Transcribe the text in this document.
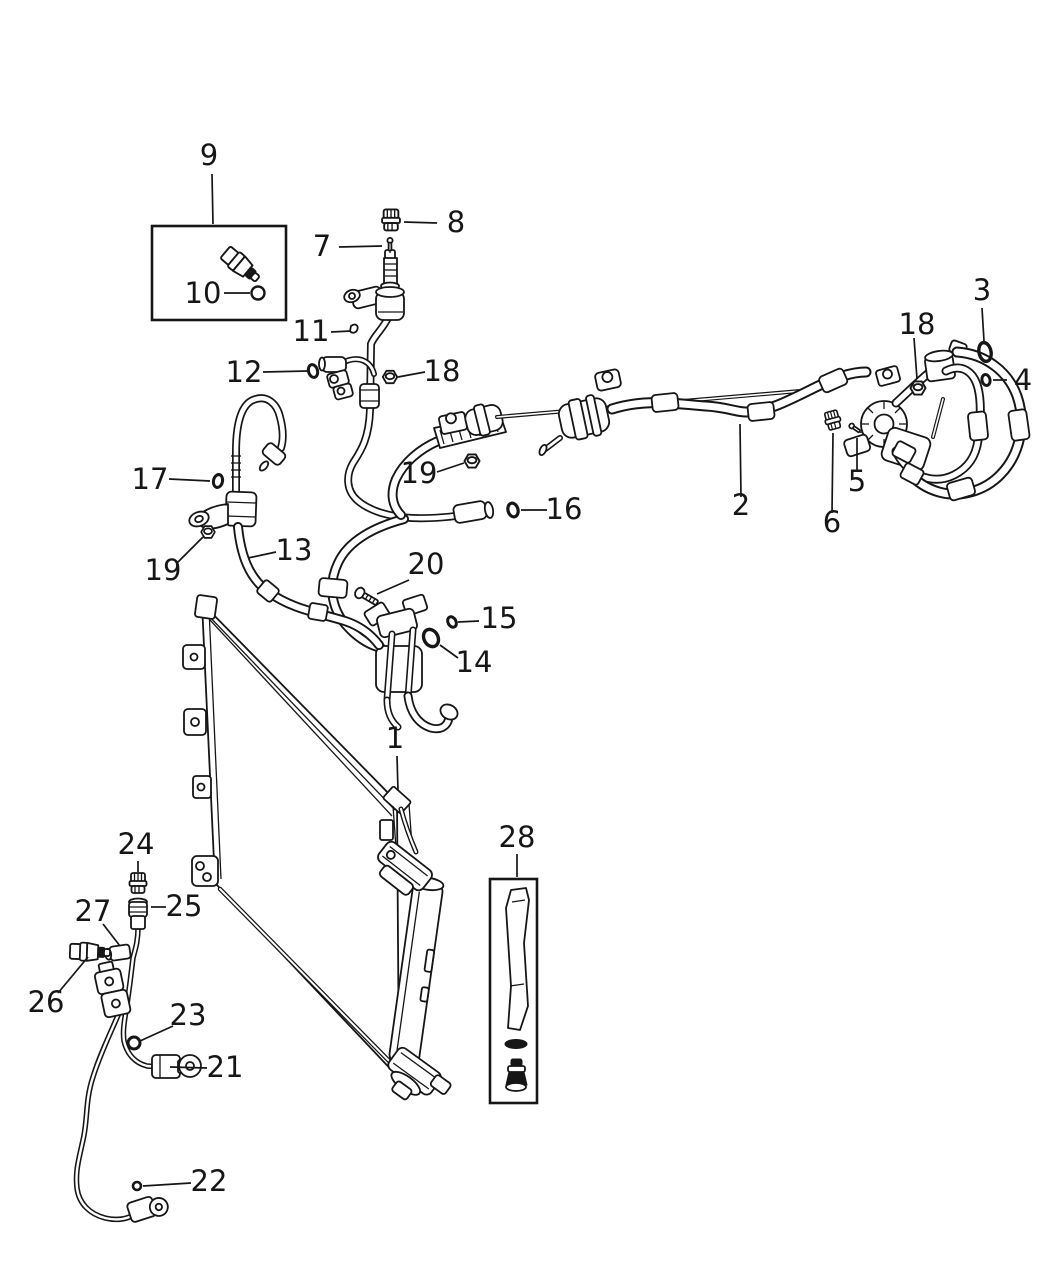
1
2
3
4
5
6
7
8
9
10
11
12
13
14
15
16
17
18
18
19
19	20
21
22
23
24
25
26
27
28
